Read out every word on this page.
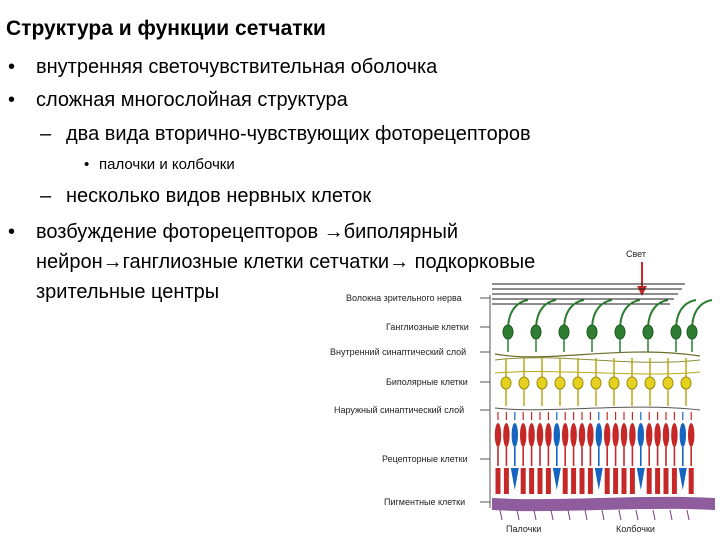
Структура и функции сетчатки
• внутренняя светочувствительная оболочка
• сложная многослойная структура
– два вида вторично-чувствующих фоторецепторов
• палочки и колбочки
– несколько видов нервных клеток
• возбуждение фоторецепторов →биполярный
нейрон→ганглиозные клетки сетчатки→ подкорковые
зрительные центры
Свет
Волокна зрительного нерва
Ганглиозные клетки
Внутренний синаптический слой
Биполярные клетки
Наружный синаптический слой
Рецепторные клетки
Пигментные клетки
Палочки	Колбочки
